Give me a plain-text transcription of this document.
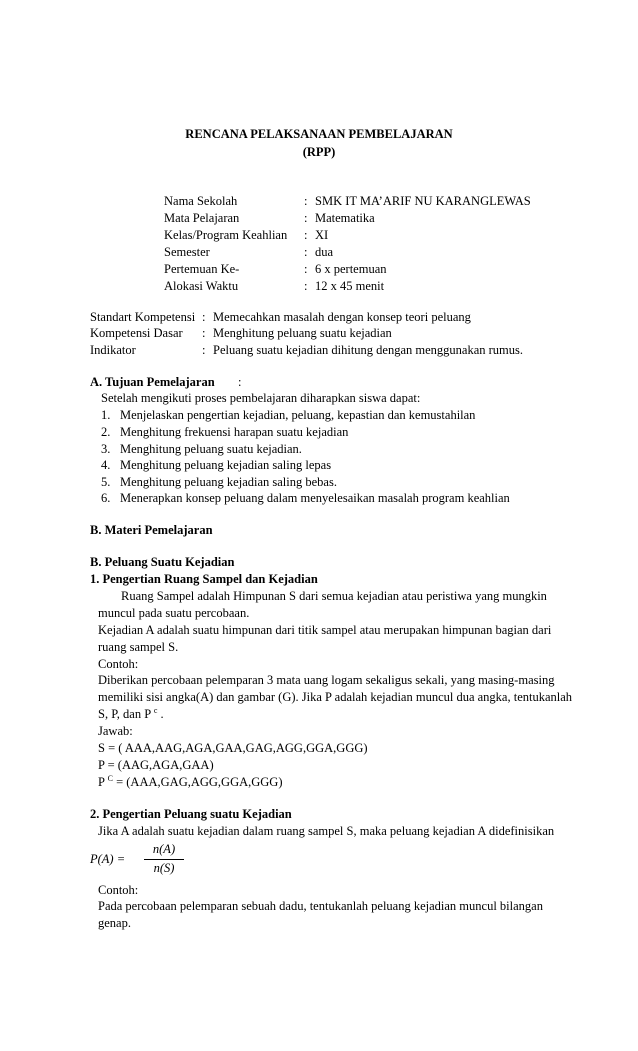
RENCANA PELAKSANAAN PEMBELAJARAN
(RPP)
Nama Sekolah	: SMK IT MA’ARIF NU KARANGLEWAS
Mata Pelajaran	: Matematika
Kelas/Program Keahlian : XI
Semester	: dua
Pertemuan Ke-	: 6 x pertemuan
Alokasi Waktu	: 12 x 45 menit
Standart Kompetensi : Memecahkan masalah dengan konsep teori peluang
Kompetensi Dasar : Menghitung peluang suatu kejadian
Indikator	: Peluang suatu kejadian dihitung dengan menggunakan rumus.
A. Tujuan Pemelajaran :
Setelah mengikuti proses pembelajaran diharapkan siswa dapat:
1. Menjelaskan pengertian kejadian, peluang, kepastian dan kemustahilan
2. Menghitung frekuensi harapan suatu kejadian
3. Menghitung peluang suatu kejadian.
4. Menghitung peluang kejadian saling lepas
5. Menghitung peluang kejadian saling bebas.
6. Menerapkan konsep peluang dalam menyelesaikan masalah program keahlian
B. Materi Pemelajaran
B. Peluang Suatu Kejadian
1. Pengertian Ruang Sampel dan Kejadian
Ruang Sampel adalah Himpunan S dari semua kejadian atau peristiwa yang mungkin
muncul pada suatu percobaan.
Kejadian A adalah suatu himpunan dari titik sampel atau merupakan himpunan bagian dari
ruang sampel S.
Contoh:
Diberikan percobaan pelemparan 3 mata uang logam sekaligus sekali, yang masing-masing
memiliki sisi angka(A) dan gambar (G). Jika P adalah kejadian muncul dua angka, tentukanlah
S, P, dan P $^c$ .
Jawab:
S = ( AAA,AAG,AGA,GAA,GAG,AGG,GGA,GGG)
P = (AAG,AGA,GAA)
P $^C$ = (AAA,GAG,AGG,GGA,GGG)
2. Pengertian Peluang suatu Kejadian
Jika A adalah suatu kejadian dalam ruang sampel S, maka peluang kejadian A didefinisikan
P(A) =
n(A)
n(S)
Contoh:
Pada percobaan pelemparan sebuah dadu, tentukanlah peluang kejadian muncul bilangan
genap.
